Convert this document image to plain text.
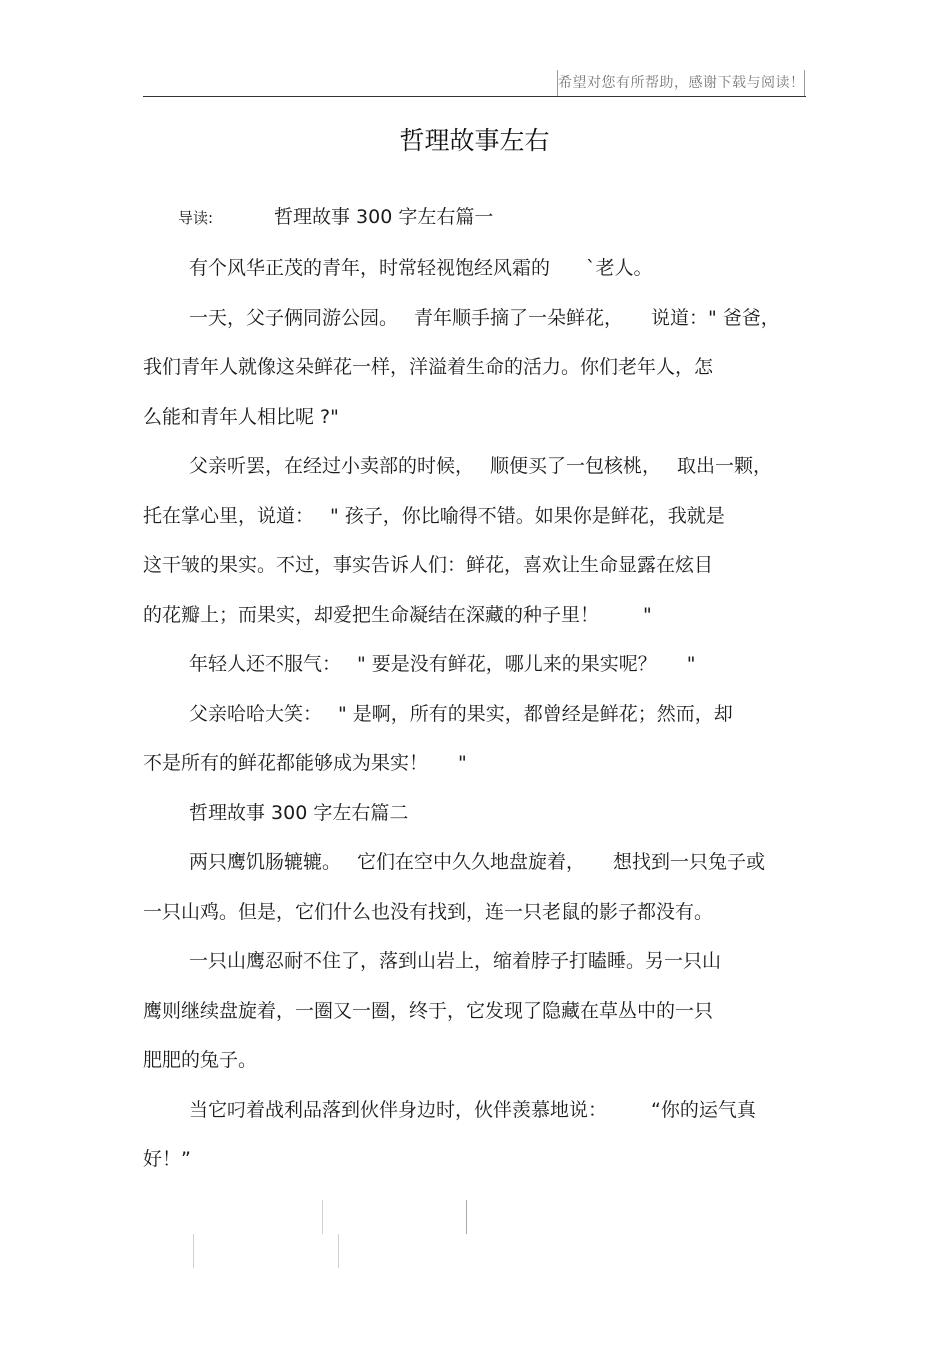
希望对您有所帮助，感谢下载与阅读！
哲理故事左右
导读:	哲理故事 300 字左右篇一
有个风华正茂的青年，时常轻视饱经风霜的 `老人。
一天，父子俩同游公园。 青年顺手摘了一朵鲜花， 说道：" 爸爸，
我们青年人就像这朵鲜花一样，洋溢着生命的活力。你们老年人，怎
么能和青年人相比呢 ?"
父亲听罢，在经过小卖部的时候， 顺便买了一包核桃， 取出一颗，
托在掌心里，说道： " 孩子，你比喻得不错。如果你是鲜花，我就是
这干皱的果实。不过，事实告诉人们：鲜花，喜欢让生命显露在炫目
的花瓣上；而果实，却爱把生命凝结在深藏的种子里！ "
年轻人还不服气： " 要是没有鲜花，哪儿来的果实呢？ "
父亲哈哈大笑： " 是啊，所有的果实，都曾经是鲜花；然而，却
不是所有的鲜花都能够成为果实！ "
哲理故事 300 字左右篇二
两只鹰饥肠辘辘。 它们在空中久久地盘旋着， 想找到一只兔子或
一只山鸡。但是，它们什么也没有找到，连一只老鼠的影子都没有。
一只山鹰忍耐不住了，落到山岩上，缩着脖子打瞌睡。另一只山
鹰则继续盘旋着，一圈又一圈，终于，它发现了隐藏在草丛中的一只
肥肥的兔子。
当它叼着战利品落到伙伴身边时，伙伴羡慕地说： “你的运气真
好！”
